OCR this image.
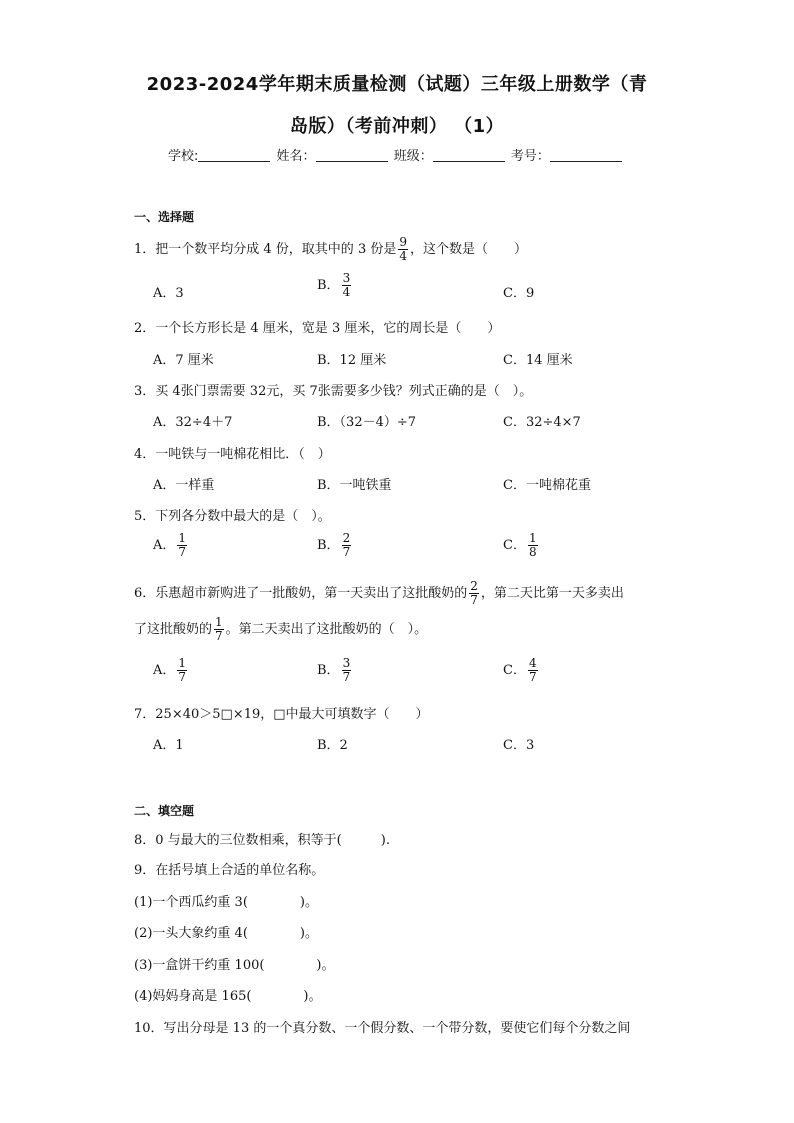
2023-2024学年期末质量检测（试题）三年级上册数学（青
岛版）（考前冲刺） （1）
学校:	姓名：	班级：	考号：
一、选择题
1．把一个数平均分成 4 份，取其中的 3 份是 $\frac{9}{4}$ ，这个数是（　　）
A．3
B． $\frac{3}{4}$	C．9
2．一个长方形长是 4 厘米，宽是 3 厘米，它的周长是（　　）
A．7 厘米	B．12 厘米	C．14 厘米
3．买 4张门票需要 32元，买 7张需要多少钱？列式正确的是（　）。
A．32÷4＋7	B．（32－4）÷7	C．32÷4×7
4．一吨铁与一吨棉花相比．（　）
A．一样重	B．一吨铁重	C．一吨棉花重
5．下列各分数中最大的是（　）。
A． $\frac{1}{7}$	B． $\frac{2}{7}$	C． $\frac{1}{8}$
6．乐惠超市新购进了一批酸奶，第一天卖出了这批酸奶的 $\frac{2}{7}$ ，第二天比第一天多卖出
了这批酸奶的 $\frac{1}{7}$ 。第二天卖出了这批酸奶的（　）。
A． $\frac{1}{7}$	B． $\frac{3}{7}$	C． $\frac{4}{7}$
7．25×40＞5□×19，□中最大可填数字（　　）
A．1	B．2	C．3
二、填空题
8．0 与最大的三位数相乘，积等于(　　　).
9．在括号填上合适的单位名称。
(1)一个西瓜约重 3(　　　　)。
(2)一头大象约重 4(　　　　)。
(3)一盒饼干约重 100(　　　　)。
(4)妈妈身高是 165(　　　　)。
10．写出分母是 13 的一个真分数、一个假分数、一个带分数，要使它们每个分数之间
